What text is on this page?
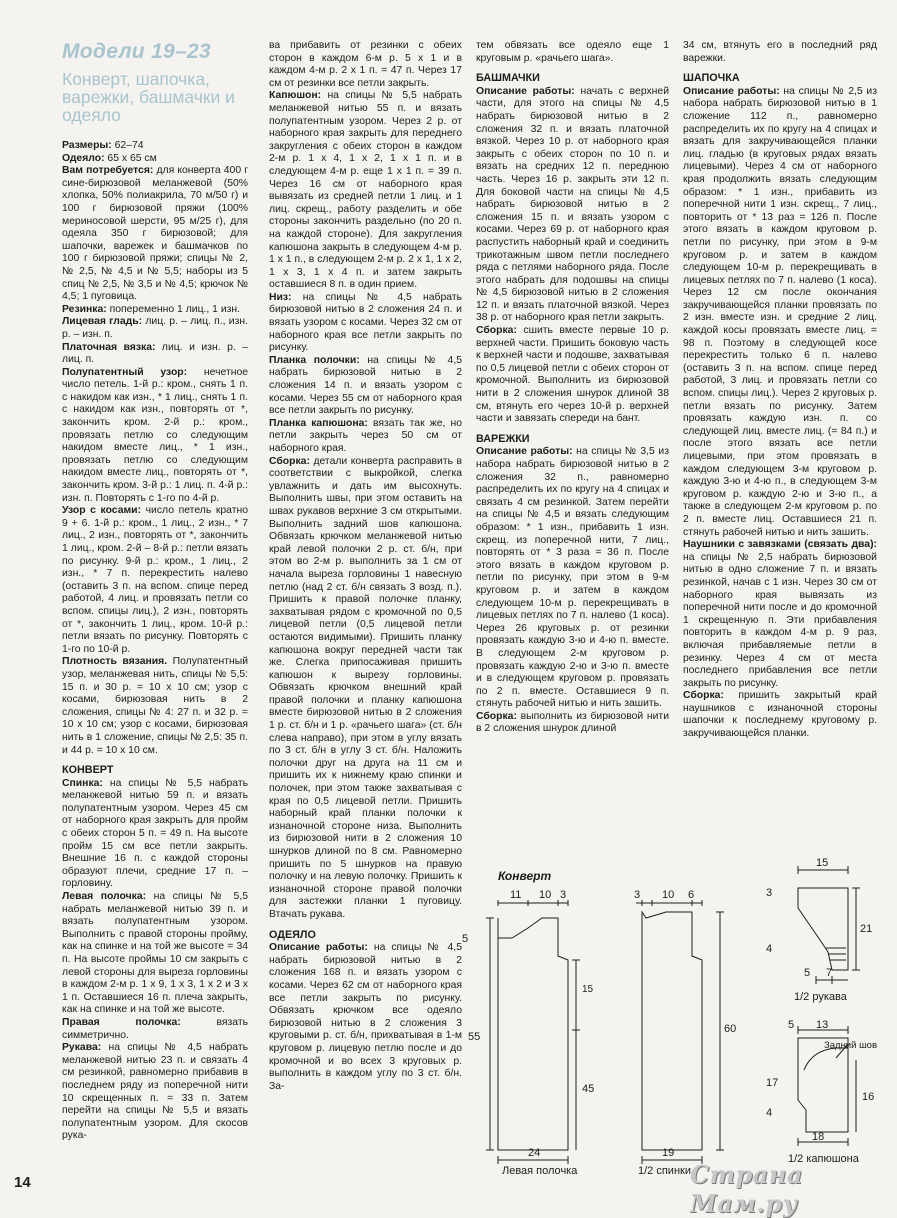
Модели 19–23
Конверт, шапочка, варежки, башмачки и одеяло

Размеры: 62–74

Одеяло: 65 х 65 см

Вам потребуется: для конверта 400 г сине-бирюзовой меланжевой (50% хлопка, 50% полиакрила, 70 м/50 г) и 100 г бирюзовой пряжи (100% мериносовой шерсти, 95 м/25 г), для одеяла 350 г бирюзовой; для шапочки, варежек и башмачков по 100 г бирюзовой пряжи; спицы № 2, № 2,5, № 4,5 и № 5,5; наборы из 5 спиц № 2,5, № 3,5 и № 4,5; крючок № 4,5; 1 пуговица.

Резинка: попеременно 1 лиц., 1 изн.

Лицевая гладь: лиц. р. – лиц. п., изн. р. – изн. п.

Платочная вязка: лиц. и изн. р. – лиц. п.

Полупатентный узор: нечетное число петель. 1-й р.: кром., снять 1 п. с накидом как изн., * 1 лиц., снять 1 п. с накидом как изн., повторять от *, закончить кром. 2-й р.: кром., провязать петлю со следующим накидом вместе лиц., * 1 изн., провязать петлю со следующим накидом вместе лиц., повторять от *, закончить кром. 3-й р.: 1 лиц. п. 4-й р.: изн. п. Повторять с 1-го по 4-й р.

Узор с косами: число петель кратно 9 + 6. 1-й р.: кром., 1 лиц., 2 изн., * 7 лиц., 2 изн., повторять от *, закончить 1 лиц., кром. 2-й – 8-й р.: петли вязать по рисунку. 9-й р.: кром., 1 лиц., 2 изн., * 7 п. перекрестить налево (оставить 3 п. на вспом. спице перед работой, 4 лиц. и провязать петли со вспом. спицы лиц.), 2 изн., повторять от *, закончить 1 лиц., кром. 10-й р.: петли вязать по рисунку. Повторять с 1-го по 10-й р.

Плотность вязания. Полупатентный узор, меланжевая нить, спицы № 5,5: 15 п. и 30 р. = 10 х 10 см; узор с косами, бирюзовая нить в 2 сложения, спицы № 4: 27 п. и 32 р. = 10 х 10 см; узор с косами, бирюзовая нить в 1 сложение, спицы № 2,5: 35 п. и 44 р. = 10 х 10 см.

КОНВЕРТ

Спинка: на спицы № 5,5 набрать меланжевой нитью 59 п. и вязать полупатентным узором. Через 45 см от наборного края закрыть для пройм с обеих сторон 5 п. = 49 п. На высоте пройм 15 см все петли закрыть. Внешние 16 п. с каждой стороны образуют плечи, средние 17 п. – горловину.

Левая полочка: на спицы № 5,5 набрать меланжевой нитью 39 п. и вязать полупатентным узором. Выполнить с правой стороны пройму, как на спинке и на той же высоте = 34 п. На высоте проймы 10 см закрыть с левой стороны для выреза горловины в каждом 2-м р. 1 х 9, 1 х 3, 1 х 2 и 3 х 1 п. Оставшиеся 16 п. плеча закрыть, как на спинке и на той же высоте.

Правая полочка:	вязать симметрично.

Рукава: на спицы № 4,5 набрать меланжевой нитью 23 п. и связать 4 см резинкой, равномерно прибавив в последнем ряду из поперечной нити 10 скрещенных п. = 33 п. Затем перейти на спицы № 5,5 и вязать полупатентным узором. Для скосов рука-

ва прибавить от резинки с обеих сторон в каждом 6-м р. 5 х 1 и в каждом 4-м р. 2 х 1 п. = 47 п. Через 17 см от резинки все петли закрыть.

Капюшон: на спицы № 5,5 набрать меланжевой нитью 55 п. и вязать полупатентным узором. Через 2 р. от наборного края закрыть для переднего закругления с обеих сторон в каждом 2-м р. 1 х 4, 1 х 2, 1 х 1 п. и в следующем 4-м р. еще 1 х 1 п. = 39 п. Через 16 см от наборного края вывязать из средней петли 1 лиц. и 1 лиц. скрещ., работу разделить и обе стороны закончить раздельно (по 20 п. на каждой стороне). Для закругления капюшона закрыть в следующем 4-м р. 1 х 1 п., в следующем 2-м р. 2 х 1, 1 х 2, 1 х 3, 1 х 4 п. и затем закрыть оставшиеся 8 п. в один прием.

Низ: на спицы № 4,5 набрать бирюзовой нитью в 2 сложения 24 п. и вязать узором с косами. Через 32 см от наборного края все петли закрыть по рисунку.

Планка полочки: на спицы № 4,5 набрать бирюзовой нитью в 2 сложения 14 п. и вязать узором с косами. Через 55 см от наборного края все петли закрыть по рисунку.

Планка капюшона: вязать так же, но петли закрыть через 50 см от наборного края.

Сборка: детали конверта расправить в соответствии с выкройкой, слегка увлажнить и дать им высохнуть. Выполнить швы, при этом оставить на швах рукавов верхние 3 см открытыми. Выполнить задний шов капюшона. Обвязать крючком меланжевой нитью край левой полочки 2 р. ст. б/н, при этом во 2-м р. выполнить за 1 см от начала выреза горловины 1 навесную петлю (над 2 ст. б/н связать 3 возд. п.). Пришить к правой полочке планку, захватывая рядом с кромочной по 0,5 лицевой петли (0,5 лицевой петли остаются видимыми). Пришить планку капюшона вокруг передней части так же. Слегка припосаживая пришить капюшон к вырезу горловины. Обвязать крючком внешний край правой полочки и планку капюшона вместе бирюзовой нитью в 2 сложения 1 р. ст. б/н и 1 р. «рачьего шага» (ст. б/н слева направо), при этом в углу вязать по 3 ст. б/н в углу 3 ст. б/н. Наложить полочки друг на друга на 11 см и пришить их к нижнему краю спинки и полочек, при этом также захватывая с края по 0,5 лицевой петли. Пришить наборный край планки полочки к изнаночной стороне низа. Выполнить из бирюзовой нити в 2 сложения 10 шнурков длиной по 8 см. Равномерно пришить по 5 шнурков на правую полочку и на левую полочку. Пришить к изнаночной стороне правой полочки для застежки планки 1 пуговицу. Втачать рукава.

ОДЕЯЛО

Описание работы: на спицы № 4,5 набрать бирюзовой нитью в 2 сложения 168 п. и вязать узором с косами. Через 62 см от наборного края все петли закрыть по рисунку. Обвязать крючком все одеяло бирюзовой нитью в 2 сложения 3 круговыми р. ст. б/н, прихватывая в 1-м круговом р. лицевую петлю после и до кромочной и во всех 3 круговых р. выполнить в каждом углу по 3 ст. б/н. За-

тем обвязать все одеяло еще 1 круговым р. «рачьего шага».

БАШМАЧКИ

Описание работы: начать с верхней части, для этого на спицы № 4,5 набрать бирюзовой нитью в 2 сложения 32 п. и вязать платочной вязкой. Через 10 р. от наборного края закрыть с обеих сторон по 10 п. и вязать на средних 12 п. переднюю часть. Через 16 р. закрыть эти 12 п. Для боковой части на спицы № 4,5 набрать бирюзовой нитью в 2 сложения 15 п. и вязать узором с косами. Через 69 р. от наборного края распустить наборный край и соединить трикотажным швом петли последнего ряда с петлями наборного ряда. После этого набрать для подошвы на спицы № 4,5 бирюзовой нитью в 2 сложения 12 п. и вязать платочной вязкой. Через 38 р. от наборного края петли закрыть.

Сборка: сшить вместе первые 10 р. верхней части. Пришить боковую часть к верхней части и подошве, захватывая по 0,5 лицевой петли с обеих сторон от кромочной. Выполнить из бирюзовой нити в 2 сложения шнурок длиной 38 см, втянуть его через 10-й р. верхней части и завязать спереди на бант.

ВАРЕЖКИ

Описание работы: на спицы № 3,5 из набора набрать бирюзовой нитью в 2 сложения 32 п., равномерно распределить их по кругу на 4 спицах и связать 4 см резинкой. Затем перейти на спицы № 4,5 и вязать следующим образом: * 1 изн., прибавить 1 изн. скрещ. из поперечной нити, 7 лиц., повторять от * 3 раза = 36 п. После этого вязать в каждом круговом р. петли по рисунку, при этом в 9-м круговом р. и затем в каждом следующем 10-м р. перекрещивать в лицевых петлях по 7 п. налево (1 коса). Через 26 круговых р. от резинки провязать каждую 3-ю и 4-ю п. вместе. В следующем 2-м круговом р. провязать каждую 2-ю и 3-ю п. вместе и в следующем круговом р. провязать по 2 п. вместе. Оставшиеся 9 п. стянуть рабочей нитью и нить зашить.

Сборка: выполнить из бирюзовой нити в 2 сложения шнурок длиной

34 см, втянуть его в последний ряд варежки.

ШАПОЧКА

Описание работы: на спицы № 2,5 из набора набрать бирюзовой нитью в 1 сложение 112 п., равномерно распределить их по кругу на 4 спицах и вязать для закручивающейся планки лиц. гладью (в круговых рядах вязать лицевыми). Через 4 см от наборного края продолжить вязать следующим образом: * 1 изн., прибавить из поперечной нити 1 изн. скрещ., 7 лиц., повторить от * 13 раз = 126 п. После этого вязать в каждом круговом р. петли по рисунку, при этом в 9-м круговом р. и затем в каждом следующем 10-м р. перекрещивать в лицевых петлях по 7 п. налево (1 коса). Через 12 см после окончания закручивающейся планки провязать по 2 изн. вместе изн. и средние 2 лиц. каждой косы провязать вместе лиц. = 98 п. Поэтому в следующей косе перекрестить только 6 п. налево (оставить 3 п. на вспом. спице перед работой, 3 лиц. и провязать петли со вспом. спицы лиц.). Через 2 круговых р. петли вязать по рисунку. Затем провязать каждую изн. п. со следующей лиц. вместе лиц. (= 84 п.) и после этого вязать все петли лицевыми, при этом провязать в каждом следующем 3-м круговом р. каждую 3-ю и 4-ю п., в следующем 3-м круговом р. каждую 2-ю и 3-ю п., а также в следующем 2-м круговом р. по 2 п. вместе лиц. Оставшиеся 21 п. стянуть рабочей нитью и нить зашить.

Наушники с завязками (связать два): на спицы № 2,5 набрать бирюзовой нитью в одно сложение 7 п. и вязать резинкой, начав с 1 изн. Через 30 см от наборного края вывязать из поперечной нити после и до кромочной 1 скрещенную п. Эти прибавления повторить в каждом 4-м р. 9 раз, включая прибавляемые петли в резинку. Через 4 см от места последнего прибавления все петли закрыть по рисунку.

Сборка: пришить закрытый край наушников с изнаночной стороны шапочки к последнему круговому р. закручивающейся планки.

Конверт
11 10 3
5
55
15
45
24
Левая полочка
3 10 6
19
60
1/2 спинки
15
3
21
4
5 7
1/2 рукава
5 13
Задний шов
17
16
4
18
1/2 капюшона
14	Страна Мам.ру
